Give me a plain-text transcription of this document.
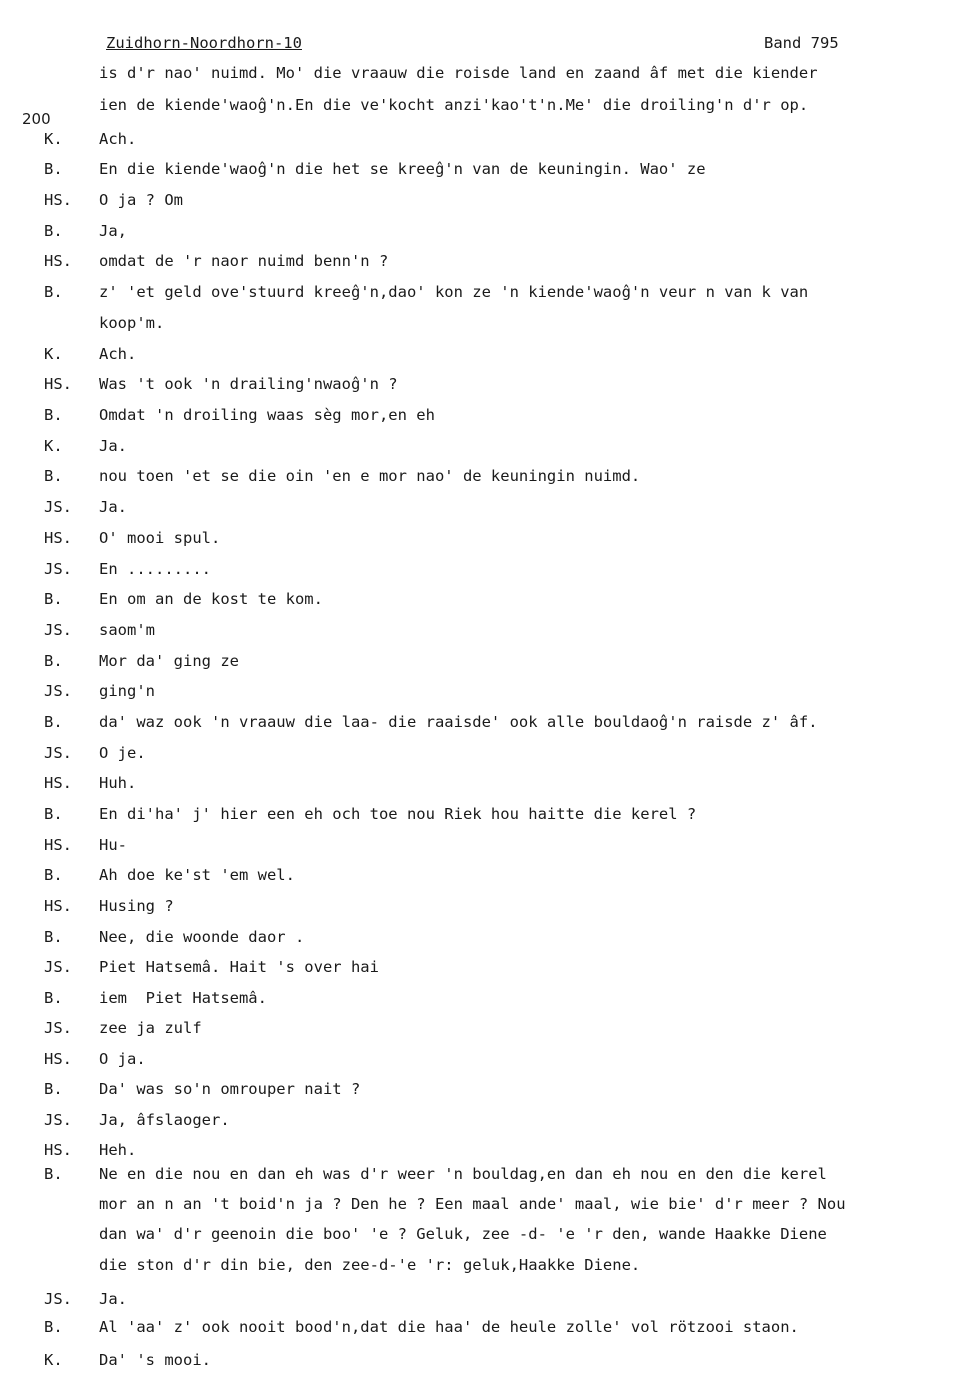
Zuidhorn-Noordhorn-10	Band 795
200
is d'r nao' nuimd. Mo' die vraauw die roisde land en zaand âf met die kiender
ien de kiende'waoĝ'n.En die ve'kocht anzi'kao't'n.Me' die droiling'n d'r op.
K. Ach.
B. En die kiende'waoĝ'n die het se kreeĝ'n van de keuningin. Wao' ze
HS. O ja ? Om
B. Ja,
HS. omdat de 'r naor nuimd benn'n ?
B. z' 'et geld ove'stuurd kreeĝ'n,dao' kon ze 'n kiende'waoĝ'n veur n van k van
koop'm.
K. Ach.
HS. Was 't ook 'n drailing'nwaoĝ'n ?
B. Omdat 'n droiling waas sèg mor,en eh
K. Ja.
B. nou toen 'et se die oin 'en e mor nao' de keuningin nuimd.
JS. Ja.
HS. O' mooi spul.
JS. En .........
B. En om an de kost te kom.
JS. saom'm
B. Mor da' ging ze
JS. ging'n
B. da' waz ook 'n vraauw die laa- die raaisde' ook alle bouldaoĝ'n raisde z' âf.
JS. O je.
HS. Huh.
B. En di'ha' j' hier een eh och toe nou Riek hou haitte die kerel ?
HS. Hu-
B. Ah doe ke'st 'em wel.
HS. Husing ?
B. Nee, die woonde daor .
JS. Piet Hatsemâ. Hait 's over hai
B. iem  Piet Hatsemâ.
JS. zee ja zulf
HS. O ja.
B. Da' was so'n omrouper nait ?
JS. Ja, âfslaoger.
HS. Heh.
B. Ne en die nou en dan eh was d'r weer 'n bouldag,en dan eh nou en den die kerel
mor an n an 't boid'n ja ? Den he ? Een maal ande' maal, wie bie' d'r meer ? Nou
dan wa' d'r geenoin die boo' 'e ? Geluk, zee -d- 'e 'r den, wande Haakke Diene
die ston d'r din bie, den zee-d-'e 'r: geluk,Haakke Diene.
JS. Ja.
B. Al 'aa' z' ook nooit bood'n,dat die haa' de heule zolle' vol rötzooi staon.
K. Da' 's mooi.
